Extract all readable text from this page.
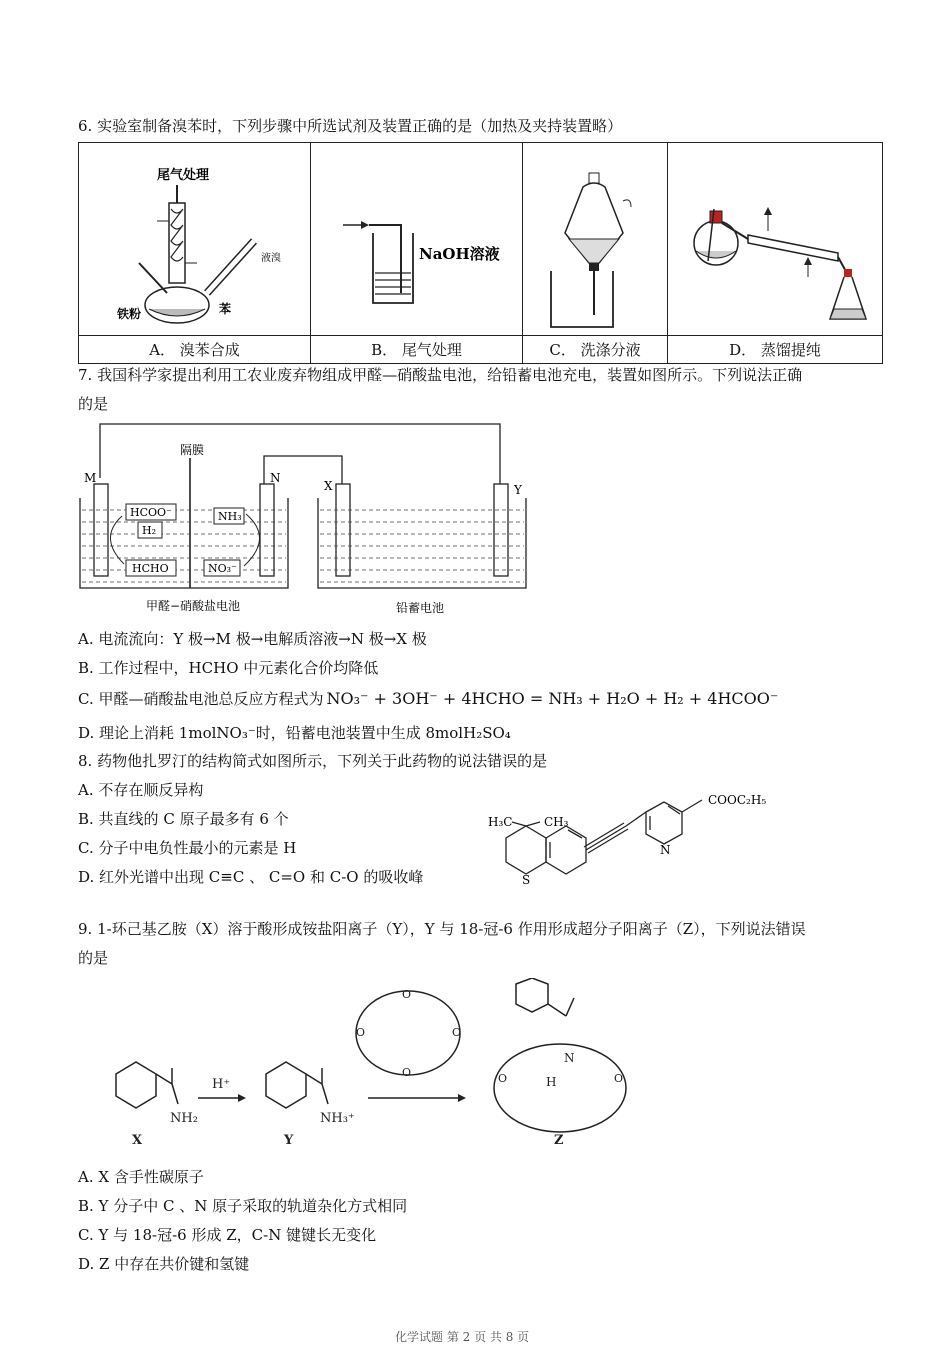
6. 实验室制备溴苯时，下列步骤中所选试剂及装置正确的是（加热及夹持装置略）
尾气处理
液溴
铁粉 苯	NaOH溶液

A． 溴苯合成	B． 尾气处理	C． 洗涤分液	D． 蒸馏提纯
7. 我国科学家提出利用工农业废弃物组成甲醛—硝酸盐电池，给铅蓄电池充电，装置如图所示。下列说法正确
的是
隔膜
M	N
X	Y
HCOO⁻
H₂
HCHO
NH₃
NO₃⁻
甲醛−硝酸盐电池	铅蓄电池
A. 电流流向：Y 极→M 极→电解质溶液→N 极→X 极
B. 工作过程中，HCHO 中元素化合价均降低
C. 甲醛—硝酸盐电池总反应方程式为 NO₃⁻ + 3OH⁻ + 4HCHO = NH₃ + H₂O + H₂ + 4HCOO⁻
D. 理论上消耗 1molNO₃⁻时，铅蓄电池装置中生成 8molH₂SO₄
8. 药物他扎罗汀的结构简式如图所示，下列关于此药物的说法错误的是
A. 不存在顺反异构
B. 共直线的 C 原子最多有 6 个
C. 分子中电负性最小的元素是 H
D. 红外光谱中出现 C≡C 、 C=O 和 C-O 的吸收峰
COOC₂H₅
H₃C	CH₃
S
N
9. 1-环己基乙胺（X）溶于酸形成铵盐阳离子（Y），Y 与 18-冠-6 作用形成超分子阳离子（Z），下列说法错误
的是
X	Y	Z
H⁺
NH₂	NH₃⁺
O
O	O
O
N
H
O	O
A. X 含手性碳原子
B. Y 分子中 C 、N 原子采取的轨道杂化方式相同
C. Y 与 18-冠-6 形成 Z，C-N 键键长无变化
D. Z 中存在共价键和氢键
化学试题 第 2 页 共 8 页
